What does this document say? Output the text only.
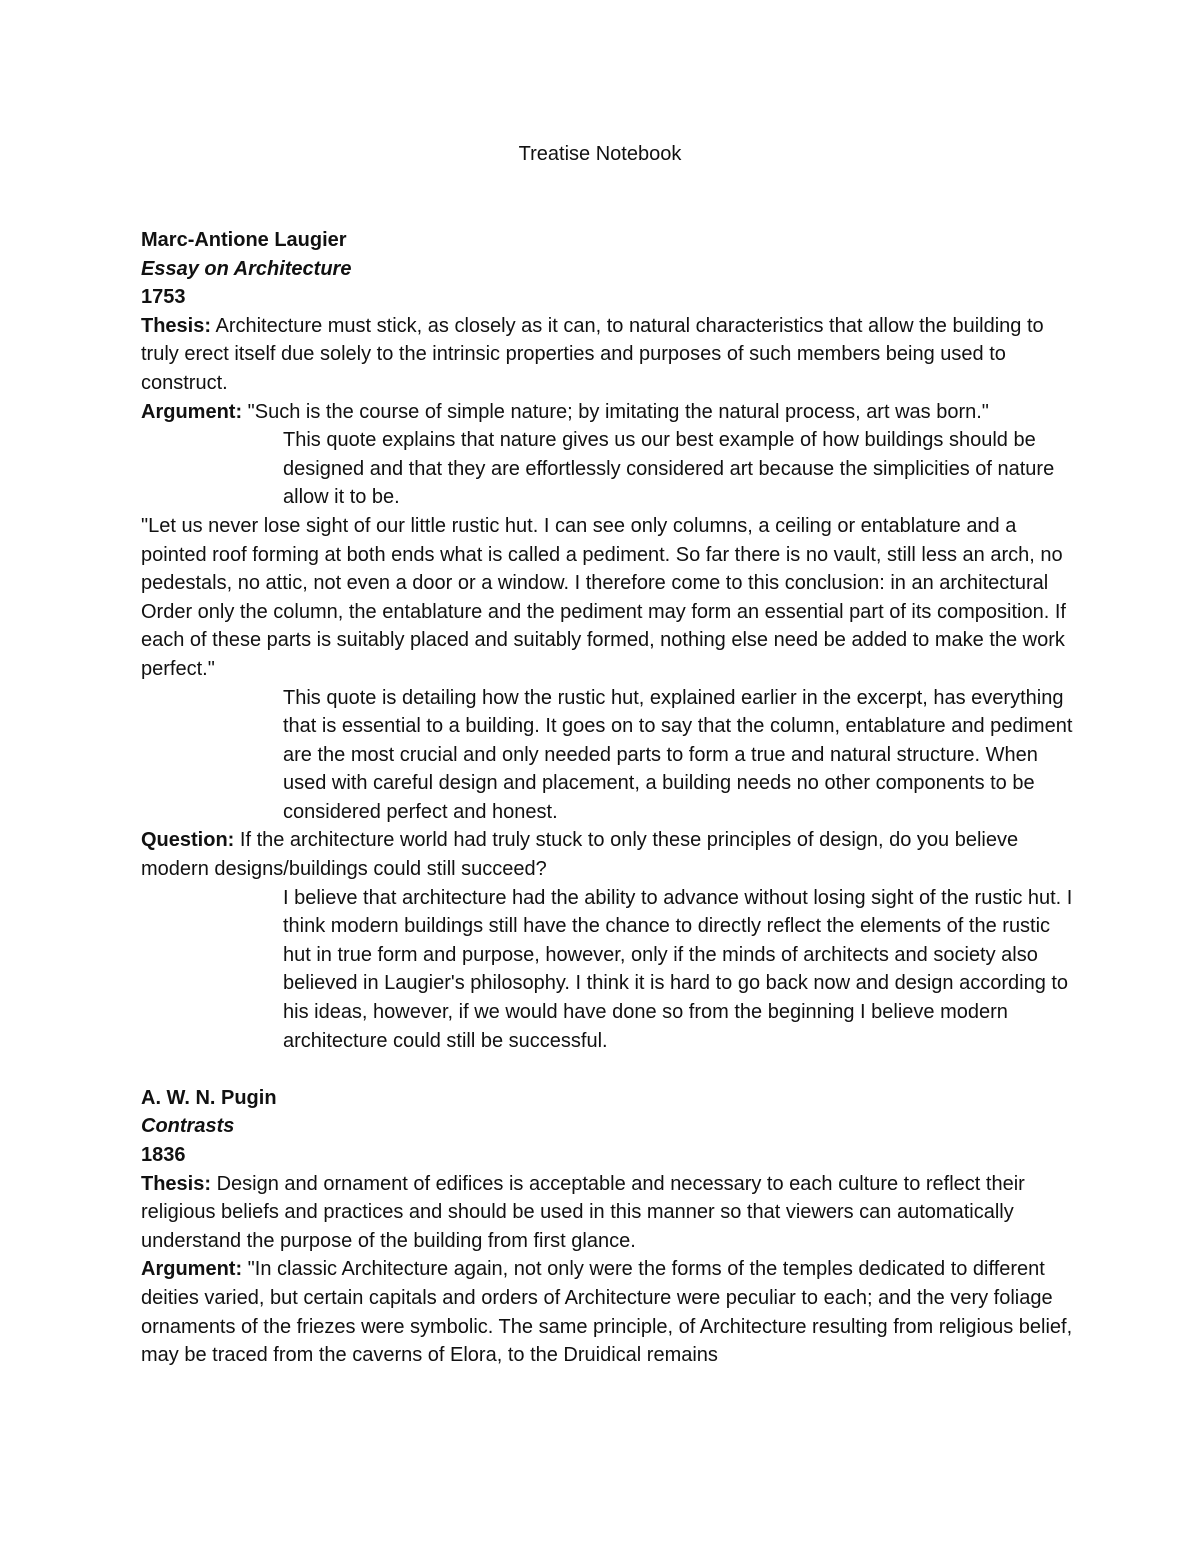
Treatise Notebook

Marc-Antione Laugier

Essay on Architecture

1753

Thesis: Architecture must stick, as closely as it can, to natural characteristics that allow the building to truly erect itself due solely to the intrinsic properties and purposes of such members being used to construct.

Argument: "Such is the course of simple nature; by imitating the natural process, art was born."

This quote explains that nature gives us our best example of how buildings should be designed and that they are effortlessly considered art because the simplicities of nature allow it to be.

"Let us never lose sight of our little rustic hut. I can see only columns, a ceiling or entablature and a pointed roof forming at both ends what is called a pediment. So far there is no vault, still less an arch, no pedestals, no attic, not even a door or a window. I therefore come to this conclusion: in an architectural Order only the column, the entablature and the pediment may form an essential part of its composition. If each of these parts is suitably placed and suitably formed, nothing else need be added to make the work perfect."

This quote is detailing how the rustic hut, explained earlier in the excerpt, has everything that is essential to a building. It goes on to say that the column, entablature and pediment are the most crucial and only needed parts to form a true and natural structure. When used with careful design and placement, a building needs no other components to be considered perfect and honest.

Question: If the architecture world had truly stuck to only these principles of design, do you believe modern designs/buildings could still succeed?

I believe that architecture had the ability to advance without losing sight of the rustic hut. I think modern buildings still have the chance to directly reflect the elements of the rustic hut in true form and purpose, however, only if the minds of architects and society also believed in Laugier's philosophy. I think it is hard to go back now and design according to his ideas, however, if we would have done so from the beginning I believe modern architecture could still be successful.

A. W. N. Pugin

Contrasts

1836

Thesis: Design and ornament of edifices is acceptable and necessary to each culture to reflect their religious beliefs and practices and should be used in this manner so that viewers can automatically understand the purpose of the building from first glance.

Argument: "In classic Architecture again, not only were the forms of the temples dedicated to different deities varied, but certain capitals and orders of Architecture were peculiar to each; and the very foliage ornaments of the friezes were symbolic. The same principle, of Architecture resulting from religious belief, may be traced from the caverns of Elora, to the Druidical remains
